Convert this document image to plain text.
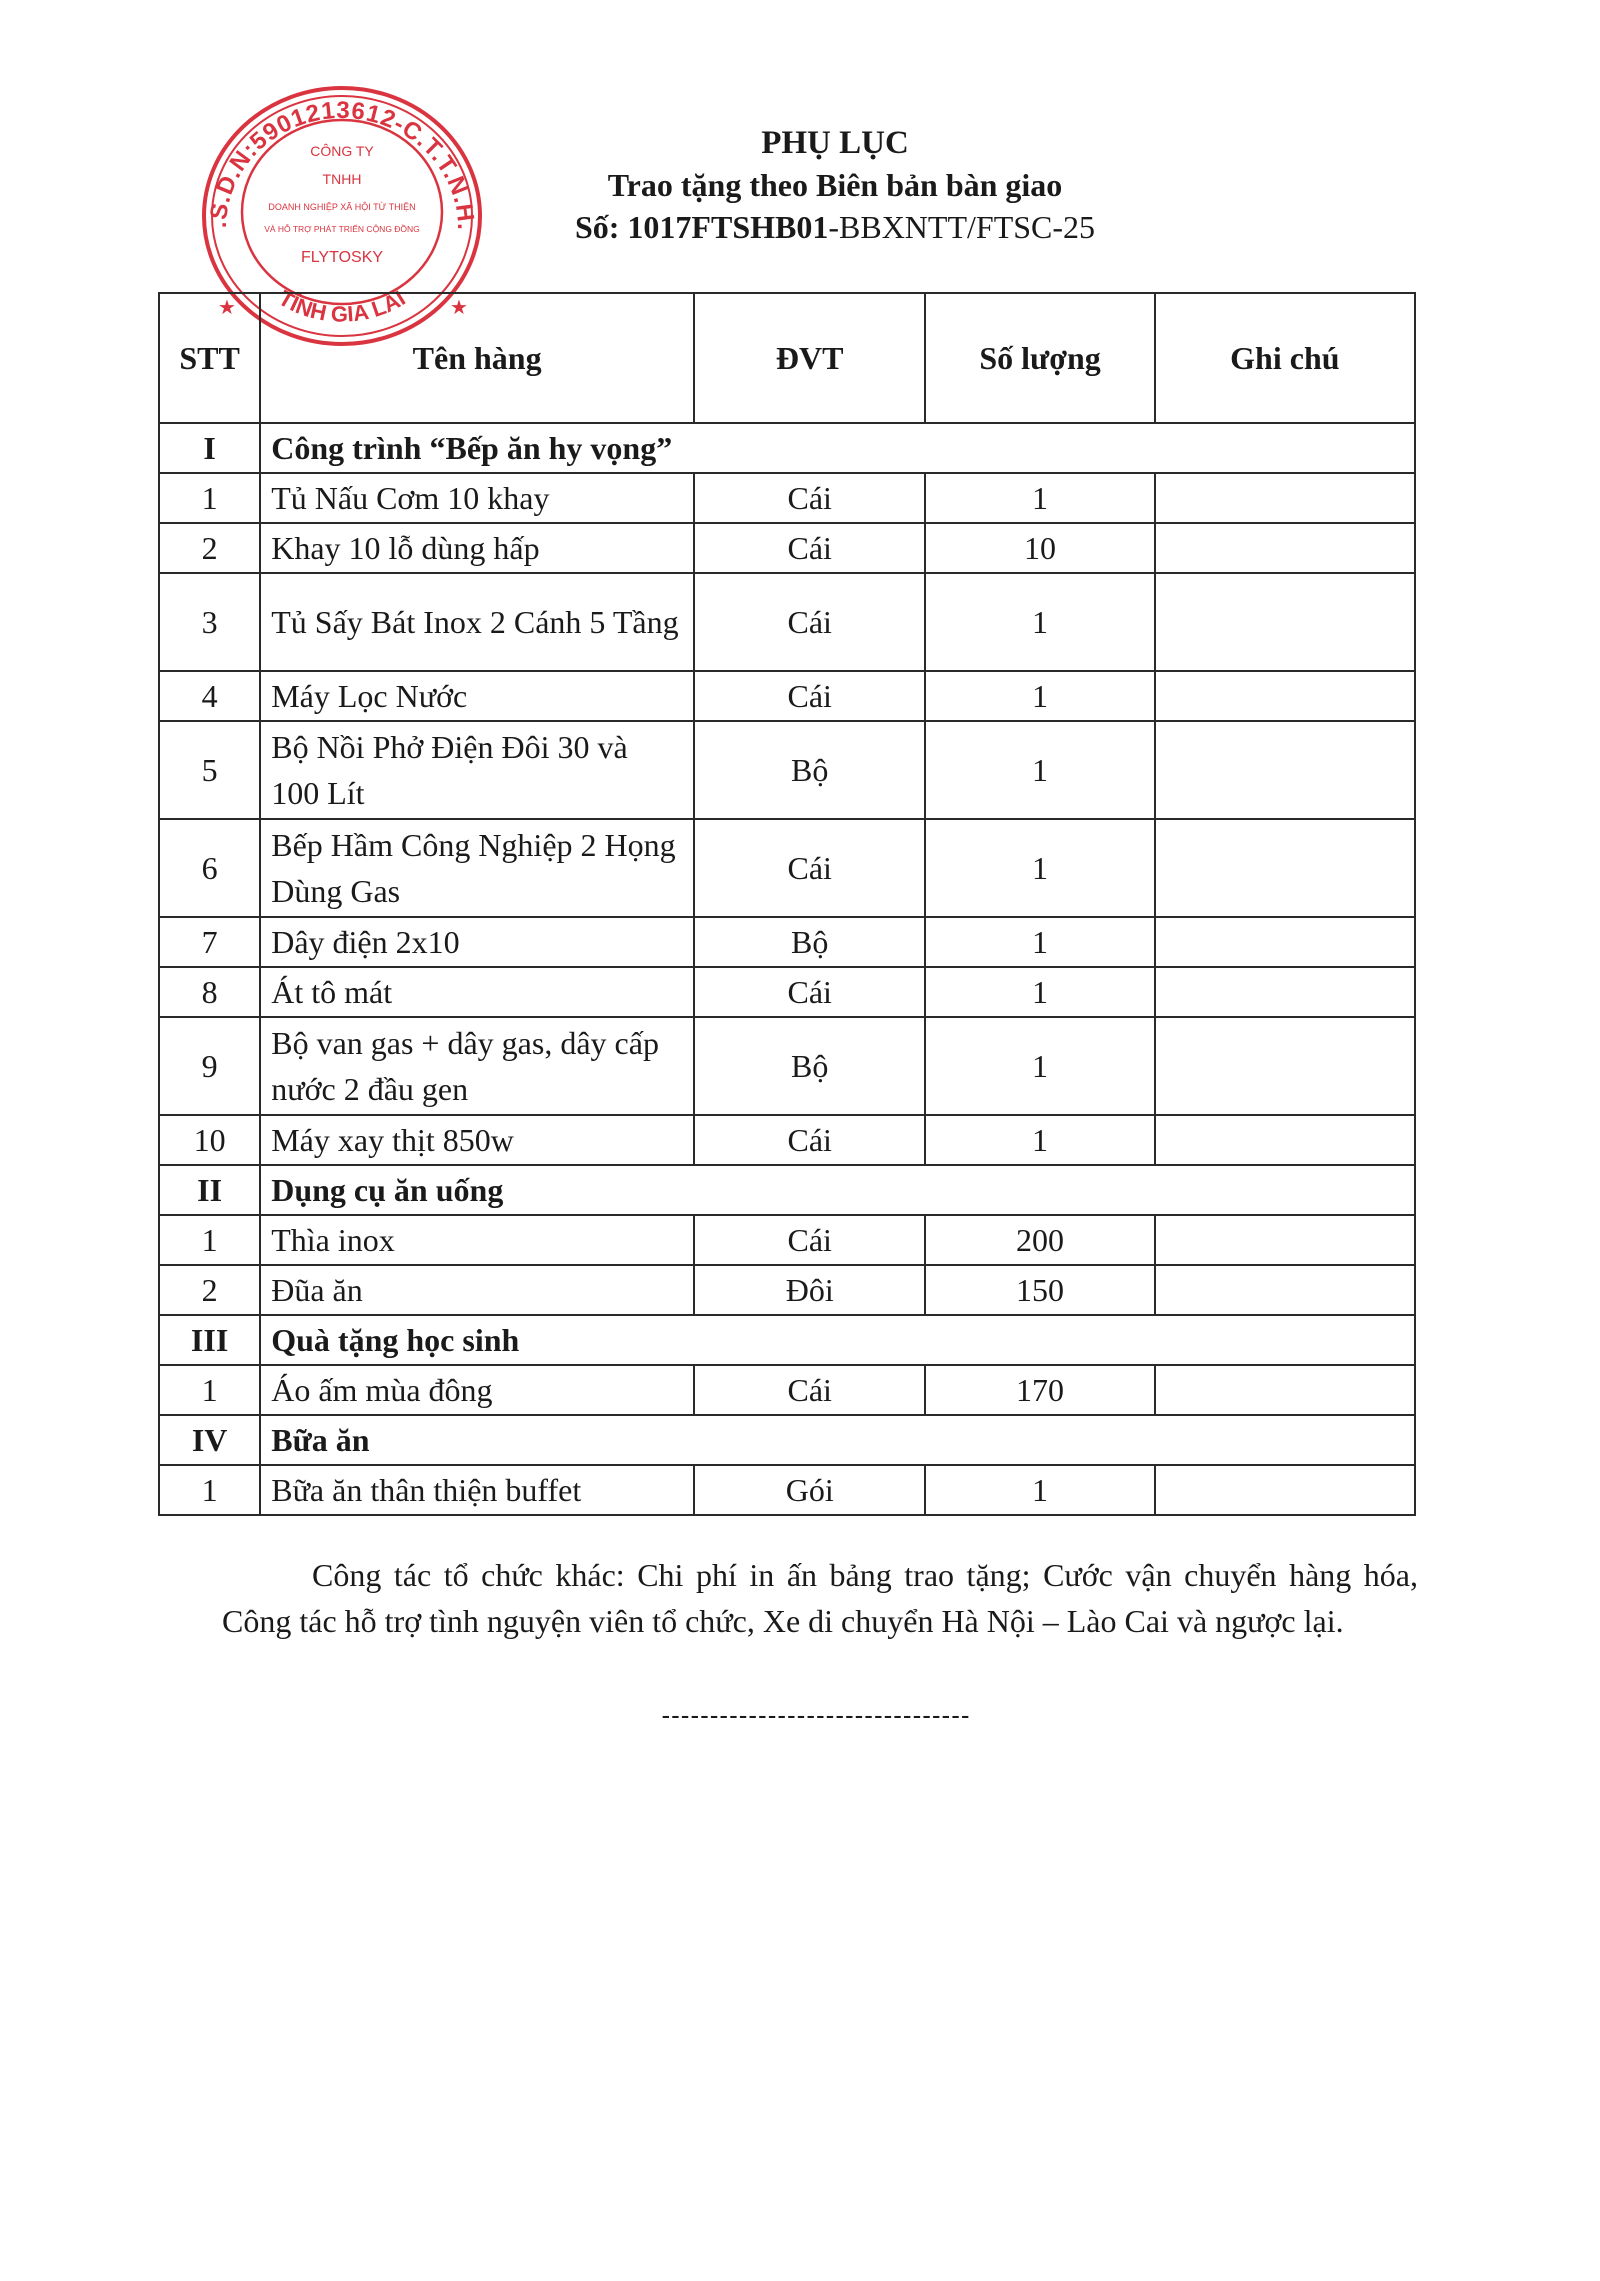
.S.D.N:5901213612-C.T.T.N.H.
TỈNH GIA LAI
CÔNG TY
TNHH
DOANH NGHIỆP XÃ HỘI TỪ THIỆN
VÀ HỖ TRỢ PHÁT TRIỂN CỘNG ĐỒNG
FLYTOSKY
★	★
PHỤ LỤC
Trao tặng theo Biên bản bàn giao
Số: 1017FTSHB01-BBXNTT/FTSC-25
STT	Tên hàng	ĐVT	Số lượng	Ghi chú
I	Công trình “Bếp ăn hy vọng”			
1	Tủ Nấu Cơm 10 khay	Cái	1	
2	Khay 10 lỗ dùng hấp	Cái	10	
3	Tủ Sấy Bát Inox 2 Cánh 5 Tầng	Cái	1	
4	Máy Lọc Nước	Cái	1	
5	Bộ Nồi Phở Điện Đôi 30 và 100 Lít	Bộ	1	
6	Bếp Hầm Công Nghiệp 2 Họng Dùng Gas	Cái	1	
7	Dây điện 2x10	Bộ	1	
8	Át tô mát	Cái	1	
9	Bộ van gas + dây gas, dây cấp nước 2 đầu gen	Bộ	1	
10	Máy xay thịt 850w	Cái	1	
II	Dụng cụ ăn uống			
1	Thìa inox	Cái	200	
2	Đũa ăn	Đôi	150	
III	Quà tặng học sinh			
1	Áo ấm mùa đông	Cái	170	
IV	Bữa ăn			
1	Bữa ăn thân thiện buffet	Gói	1	

Công tác tổ chức khác: Chi phí in ấn bảng trao tặng; Cước vận chuyển hàng hóa, Công tác hỗ trợ tình nguyện viên tổ chức, Xe di chuyển Hà Nội – Lào Cai và ngược lại.

--------------------------------
